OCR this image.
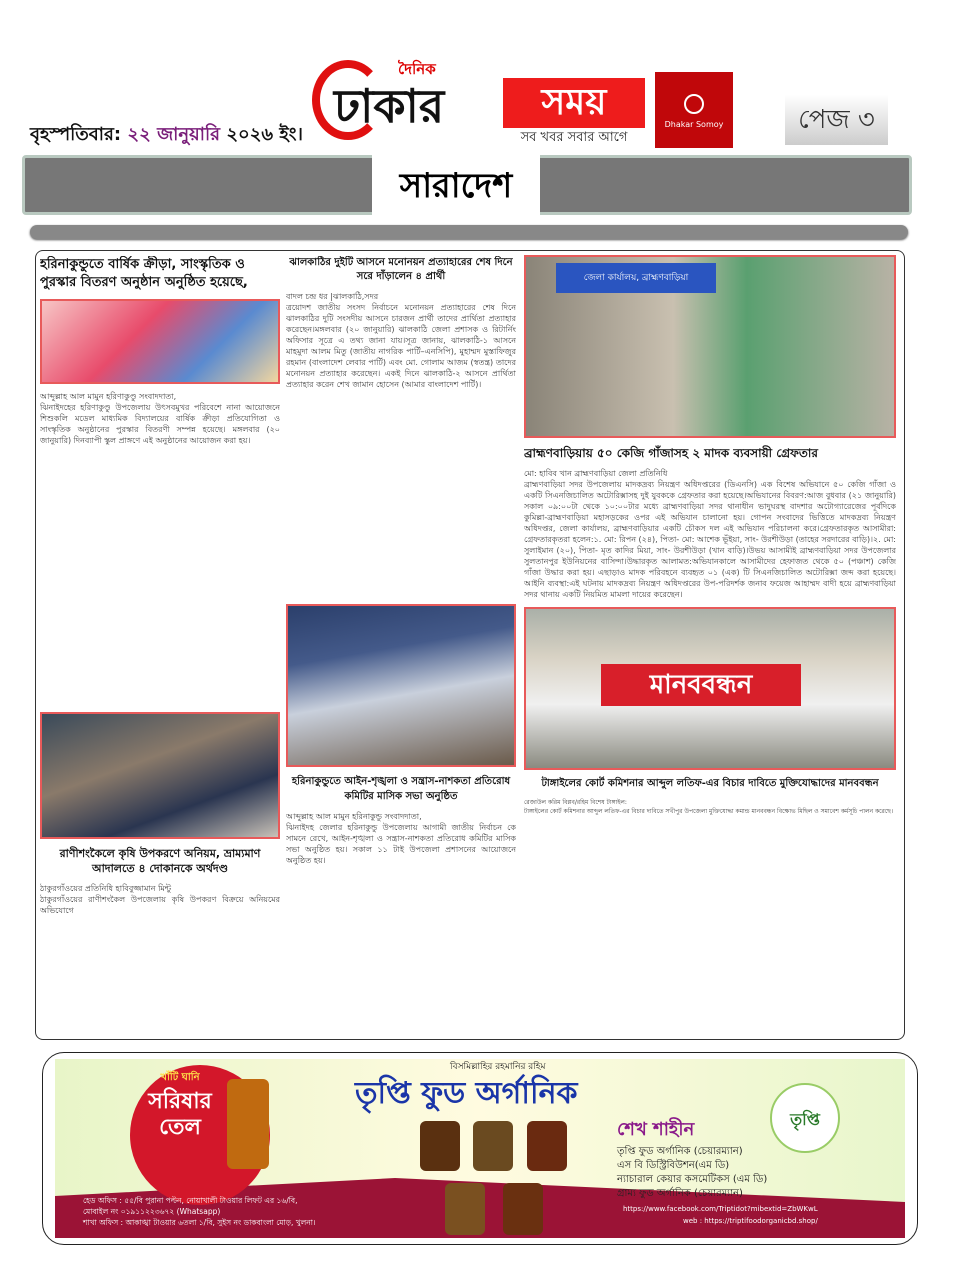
দৈনিক
ঢাকার	সময়
সব খবর সবার আগে
Dhakar Somoy	পেজ ৩
বৃহস্পতিবার: ২২ জানুয়ারি ২০২৬ ইং।
সারাদেশ
হরিনাকুন্ডুতে বার্ষিক ক্রীড়া, সাংস্কৃতিক ও পুরস্কার বিতরণ অনুষ্ঠান অনুষ্ঠিত হয়েছে,
আব্দুল্লাহ আল মামুন হরিণাকুণ্ডু সংবাদদাতা,
ঝিনাইদহের হরিণাকুণ্ডু উপজেলায় উৎসবমুখর পরিবেশে নানা আয়োজনে শিশুকলি মডেল মাধ্যমিক বিদ্যালয়ের বার্ষিক ক্রীড়া প্রতিযোগিতা ও সাংস্কৃতিক অনুষ্ঠানের পুরস্কার বিতরণী সম্পন্ন হয়েছে। মঙ্গলবার (২০ জানুয়ারি) দিনব্যাপী স্কুল প্রাঙ্গণে এই অনুষ্ঠানের আয়োজন করা হয়।
রাণীশংকৈলে কৃষি উপকরণে অনিয়ম, ভ্রাম্যমাণ আদালতে ৪ দোকানকে অর্থদণ্ড
ঠাকুরগাঁওয়ের প্রতিনিধি হাবিবুজ্জামান মিন্টু
ঠাকুরগাঁওয়ের রাণীশংকৈল উপজেলায় কৃষি উপকরণ বিক্রয়ে অনিয়মের অভিযোগে
ঝালকাঠির দুইটি আসনে মনোনয়ন প্রত্যাহারের শেষ দিনে সরে দাঁড়ালেন ৪ প্রার্থী
বাদল চন্দ্র ধর |ঝালকাঠি,সদর
ত্রয়োদশ জাতীয় সংসদ নির্বাচনে মনোনয়ন প্রত্যাহারের শেষ দিনে ঝালকাঠির দুটি সংসদীয় আসনে চারজন প্রার্থী তাদের প্রার্থিতা প্রত্যাহার করেছেন।মঙ্গলবার (২০ জানুয়ারি) ঝালকাঠি জেলা প্রশাসক ও রিটার্নিং অফিসার সূত্রে এ তথ্য জানা যায়।সূত্র জানায়, ঝালকাঠি-১ আসনে মাহমুদা আলম মিতু (জাতীয় নাগরিক পার্টি–এনসিপি), মুহাম্মদ মুস্তাফিজুর রহমান (বাংলাদেশ লেবার পার্টি) এবং মো. গোলাম আজম (স্বতন্ত্র) তাদের মনোনয়ন প্রত্যাহার করেছেন। একই দিনে ঝালকাঠি-২ আসনে প্রার্থিতা প্রত্যাহার করেন শেখ জামান হোসেন (আমার বাংলাদেশ পার্টি)।
হরিনাকুন্ডুতে আইন-শৃঙ্খলা ও সন্ত্রাস-নাশকতা প্রতিরোধ কমিটির মাসিক সভা অনুষ্ঠিত
আব্দুল্লাহ আল মামুন হরিনাকুন্ডু সংবাদদাতা,
ঝিনাইদহ জেলার হরিনাকুন্ডু উপজেলায় আগামী জাতীয় নির্বাচন কে সামনে রেখে, আইন-শৃঙ্খলা ও সন্ত্রাস-নাশকতা প্রতিরোধ কমিটির মাসিক সভা অনুষ্ঠিত হয়। সকাল ১১ টাই উপজেলা প্রশাসনের আয়োজনে অনুষ্ঠিত হয়।
জেলা কার্যালয়, ব্রাহ্মণবাড়িয়া
ব্রাহ্মণবাড়িয়ায় ৫০ কেজি গাঁজাসহ ২ মাদক ব্যবসায়ী গ্রেফতার
মো: হাবিব খান ব্রাহ্মণবাড়িয়া জেলা প্রতিনিধি
ব্রাহ্মণবাড়িয়া সদর উপজেলায় মাদকদ্রব্য নিয়ন্ত্রণ অধিদপ্তরের (ডিএনসি) এক বিশেষ অভিযানে ৫০ কেজি গাঁজা ও একটি সিএনজিচালিত অটোরিক্সাসহ দুই যুবককে গ্রেফতার করা হয়েছে।অভিযানের বিবরণ:আজ বুধবার (২১ জানুয়ারি) সকাল ০৯:০০টা থেকে ১০:০০টার মধ্যে ব্রাহ্মণবাড়িয়া সদর থানাধীন ভাদুঘরস্থ বাদশার অটোগ্যারেজের পূর্বদিকে কুমিল্লা-ব্রাহ্মণবাড়িয়া মহাসড়কের ওপর এই অভিযান চালানো হয়। গোপন সংবাদের ভিত্তিতে মাদকদ্রব্য নিয়ন্ত্রণ অধিদপ্তর, জেলা কার্যালয়, ব্রাহ্মণবাড়িয়ার একটি চৌকস দল এই অভিযান পরিচালনা করে।গ্রেফতারকৃত আসামীরা: গ্রেফতারকৃতরা হলেন:১. মো: রিপন (২৪), পিতা- মো: আশেক ভূঁইয়া, সাং- উরশীউড়া (তাহের সরদারের বাড়ি)।২. মো: সুলাইমান (২০), পিতা- মৃত কাদির মিয়া, সাং- উরশীউড়া (খান বাড়ি)।উভয় আসামীই ব্রাহ্মণবাড়িয়া সদর উপজেলার সুলতানপুর ইউনিয়নের বাসিন্দা।উদ্ধারকৃত আলামত:অভিযানকালে আসামীদের হেফাজত থেকে ৫০ (পঞ্চাশ) কেজি গাঁজা উদ্ধার করা হয়। এছাড়াও মাদক পরিবহনে ব্যবহৃত ০১ (এক) টি সিএনজিচালিত অটোরিক্সা জব্দ করা হয়েছে। আইনি ব্যবস্থা:এই ঘটনায় মাদকদ্রব্য নিয়ন্ত্রণ অধিদপ্তরের উপ-পরিদর্শক জনাব ফয়েজ আহাম্মদ বাদী হয়ে ব্রাহ্মণবাড়িয়া সদর থানায় একটি নিয়মিত মামলা দায়ের করেছেন।
মানববন্ধন
টাঙ্গাইলের কোর্ট কমিশনার আব্দুল লতিফ-এর বিচার দাবিতে মুক্তিযোদ্ধাদের মানববন্ধন
রেজাউল করিম বিপ্লব/রহিম বিশেষ টাঙ্গাইল:
টাঙ্গাইলের কোর্ট কমিশনার আব্দুল লতিফ-এর বিচার দাবিতে সখীপুর উপজেলা মুক্তিযোদ্ধা কমান্ড মানববন্ধন বিক্ষোভ মিছিল ও সমাবেশ কর্মসূচি পালন করেছে।
খাঁটি ঘানি
সরিষার তেল
বিসমিল্লাহির রহমানির রহিম
তৃপ্তি ফুড অর্গানিক
তৃপ্তি
শেখ শাহীন
তৃপ্তি ফুড অর্গানিক (চেয়ারম্যান)
এস বি ডিস্ট্রিবিউশন(এম ডি)
ন্যাচারাল কেয়ার কসমেটিকস (এম ডি)
গ্রাম্য ফুড অর্গানিক (চেয়ারম্যান)
https://www.facebook.com/Triptidot?mibextid=ZbWKwL
web : https://triptifoodorganicbd.shop/
হেড অফিস : ৫৫/বি পুরানা পল্টন, নোয়াখালী টাওয়ার লিফট এর ১৬/বি,
মোবাইল নং ০১৯১১২২৩৬৭২ (Whatsapp)
শাখা অফিস : আকাঙ্খা টাওয়ার ৬তলা ১/বি, সুইস নং ডাকবাংলা মোড়, খুলনা।
